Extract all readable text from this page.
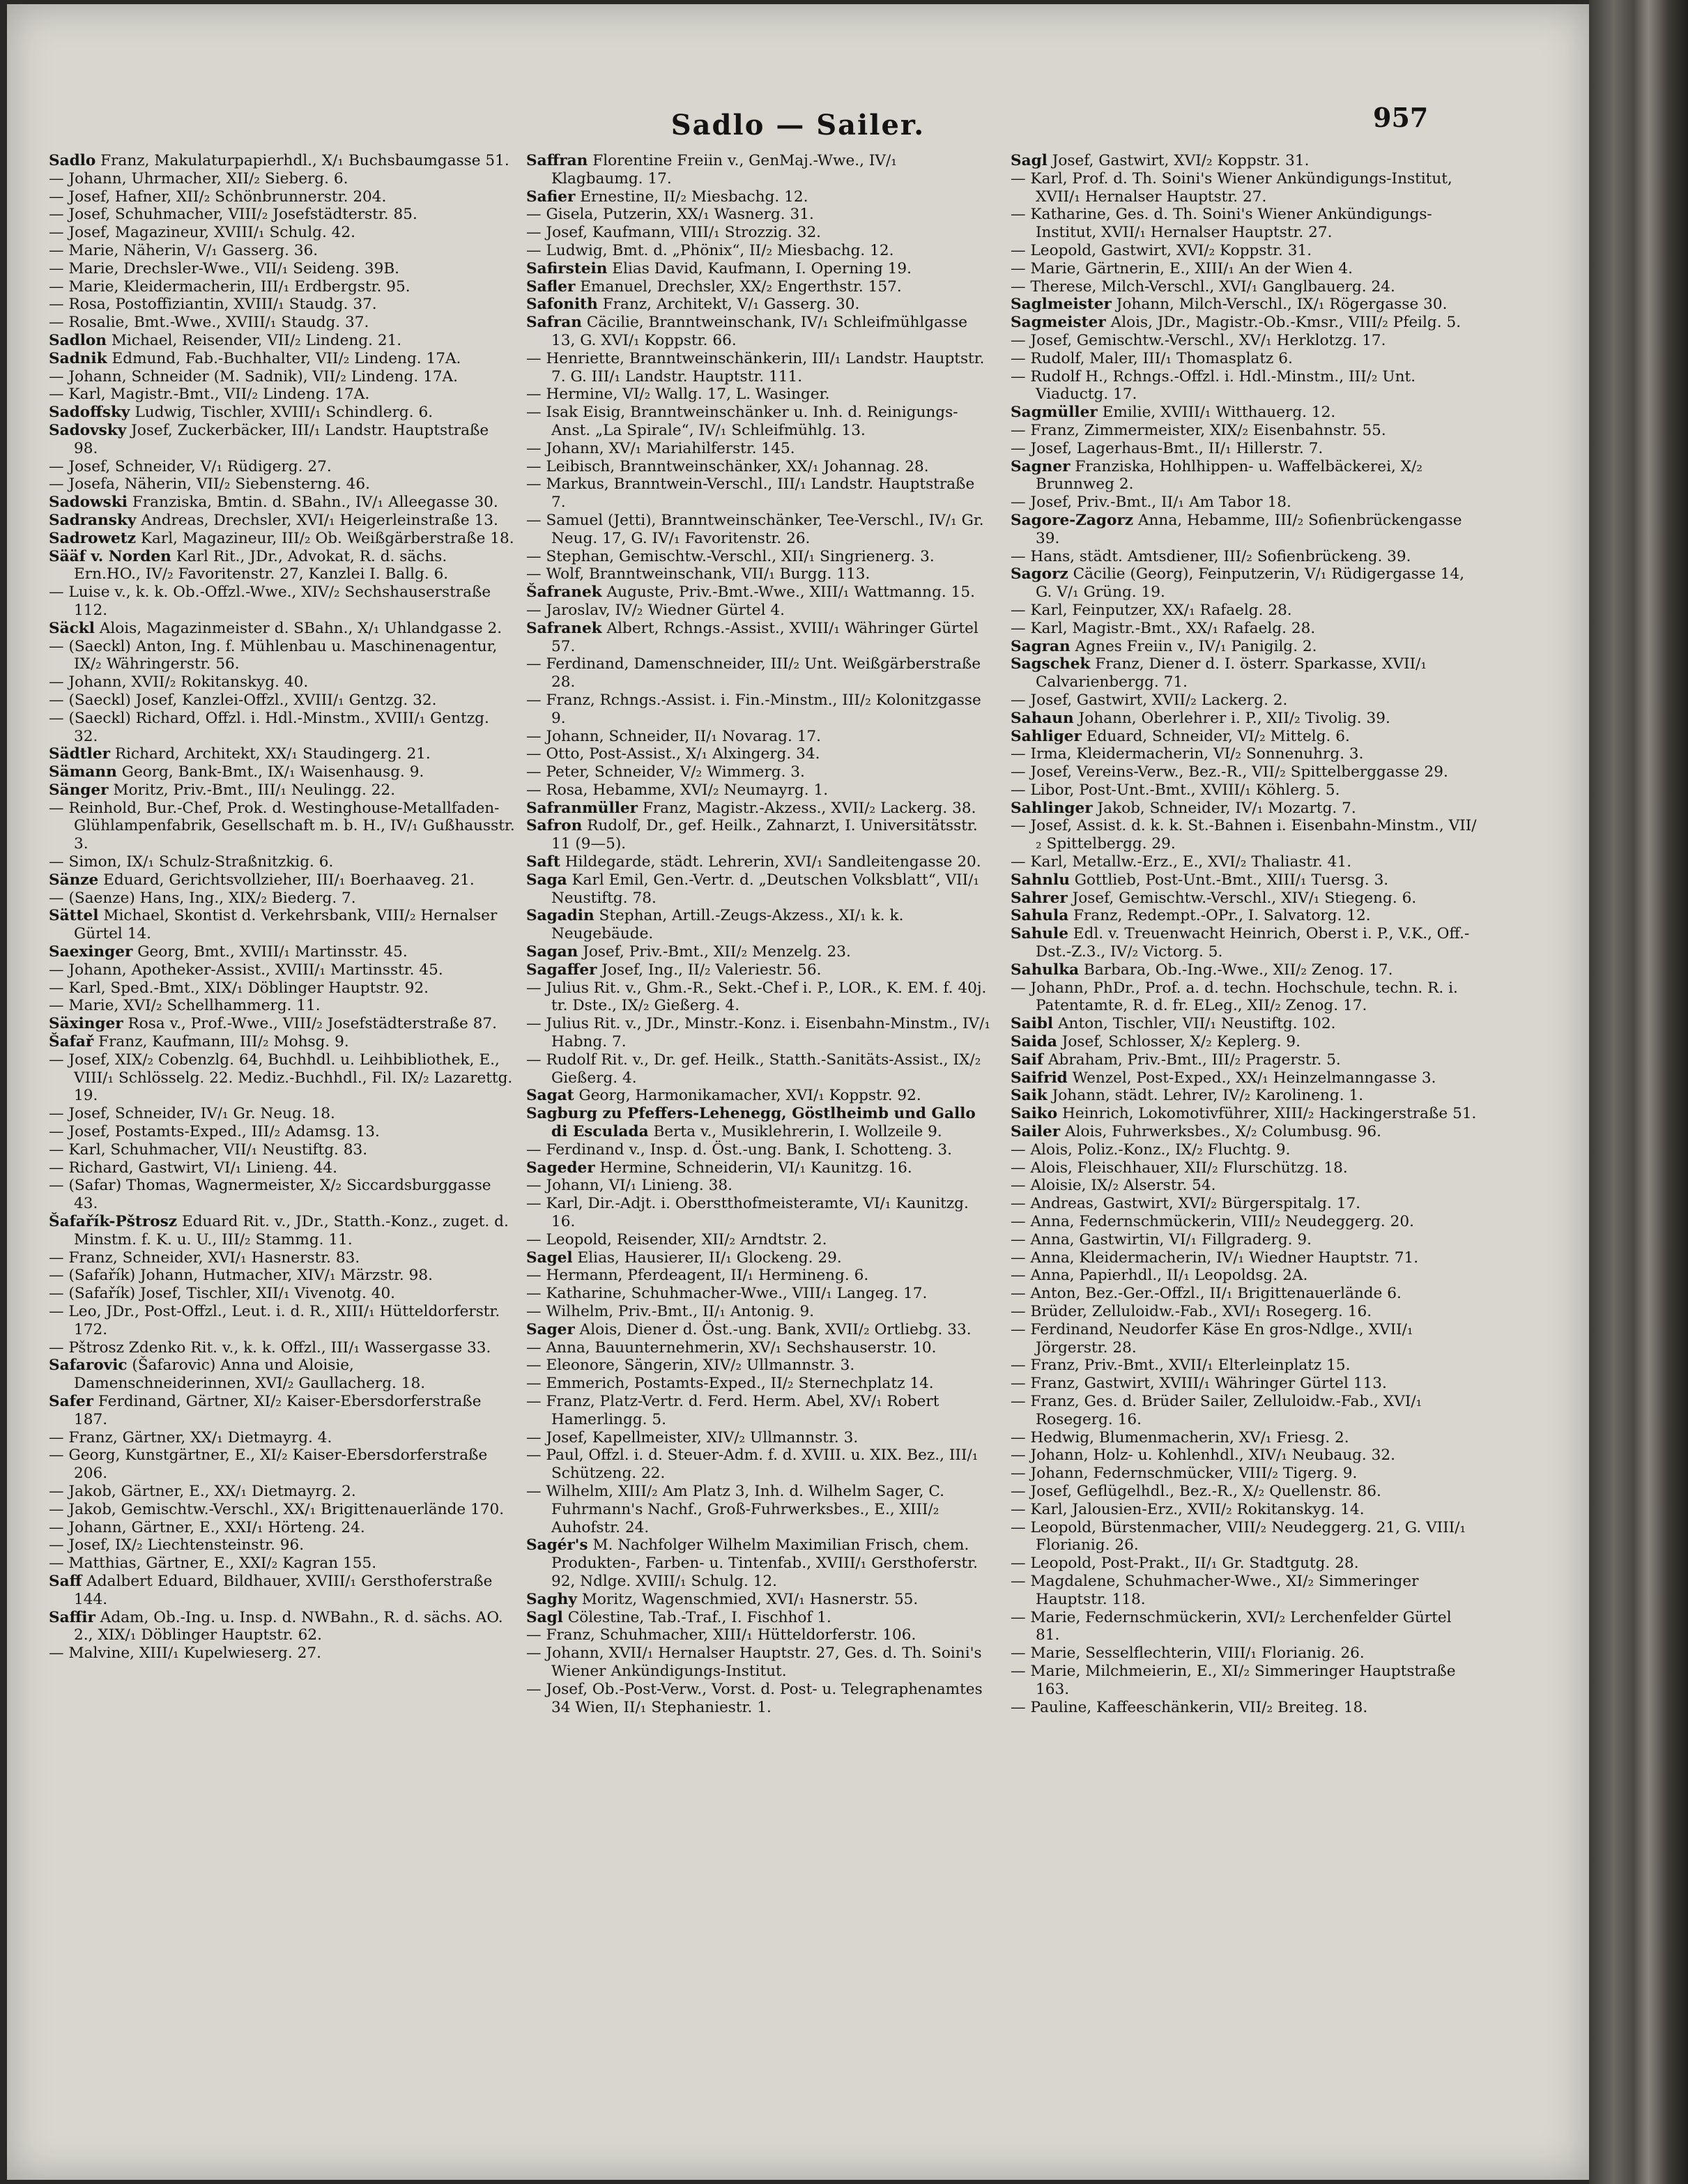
Sadlo — Sailer.	957

Sadlo Franz, Makulaturpapierhdl., X/₁ Buchsbaumgasse 51.

— Johann, Uhrmacher, XII/₂ Sieberg. 6.

— Josef, Hafner, XII/₂ Schönbrunnerstr. 204.

— Josef, Schuhmacher, VIII/₂ Josefstädterstr. 85.

— Josef, Magazineur, XVIII/₁ Schulg. 42.

— Marie, Näherin, V/₁ Gasserg. 36.

— Marie, Drechsler-Wwe., VII/₁ Seideng. 39B.

— Marie, Kleidermacherin, III/₁ Erdbergstr. 95.

— Rosa, Postoffiziantin, XVIII/₁ Staudg. 37.

— Rosalie, Bmt.-Wwe., XVIII/₁ Staudg. 37.

Sadlon Michael, Reisender, VII/₂ Lindeng. 21.

Sadnik Edmund, Fab.-Buchhalter, VII/₂ Lindeng. 17A.

— Johann, Schneider (M. Sadnik), VII/₂ Lindeng. 17A.

— Karl, Magistr.-Bmt., VII/₂ Lindeng. 17A.

Sadoffsky Ludwig, Tischler, XVIII/₁ Schindlerg. 6.

Sadovsky Josef, Zuckerbäcker, III/₁ Landstr. Hauptstraße 98.

— Josef, Schneider, V/₁ Rüdigerg. 27.

— Josefa, Näherin, VII/₂ Siebensterng. 46.

Sadowski Franziska, Bmtin. d. SBahn., IV/₁ Alleegasse 30.

Sadransky Andreas, Drechsler, XVI/₁ Heigerleinstraße 13.

Sadrowetz Karl, Magazineur, III/₂ Ob. Weißgärberstraße 18.

Sääf v. Norden Karl Rit., JDr., Advokat, R. d. sächs. Ern.HO., IV/₂ Favoritenstr. 27, Kanzlei I. Ballg. 6.

— Luise v., k. k. Ob.-Offzl.-Wwe., XIV/₂ Sechshauserstraße 112.

Säckl Alois, Magazinmeister d. SBahn., X/₁ Uhlandgasse 2.

— (Saeckl) Anton, Ing. f. Mühlenbau u. Maschinenagentur, IX/₂ Währingerstr. 56.

— Johann, XVII/₂ Rokitanskyg. 40.

— (Saeckl) Josef, Kanzlei-Offzl., XVIII/₁ Gentzg. 32.

— (Saeckl) Richard, Offzl. i. Hdl.-Minstm., XVIII/₁ Gentzg. 32.

Sädtler Richard, Architekt, XX/₁ Staudingerg. 21.

Sämann Georg, Bank-Bmt., IX/₁ Waisenhausg. 9.

Sänger Moritz, Priv.-Bmt., III/₁ Neulingg. 22.

— Reinhold, Bur.-Chef, Prok. d. Westinghouse-Metallfaden-Glühlampenfabrik, Gesellschaft m. b. H., IV/₁ Gußhausstr. 3.

— Simon, IX/₁ Schulz-Straßnitzkig. 6.

Sänze Eduard, Gerichtsvollzieher, III/₁ Boerhaaveg. 21.

— (Saenze) Hans, Ing., XIX/₂ Biederg. 7.

Sättel Michael, Skontist d. Verkehrsbank, VIII/₂ Hernalser Gürtel 14.

Saexinger Georg, Bmt., XVIII/₁ Martinsstr. 45.

— Johann, Apotheker-Assist., XVIII/₁ Martinsstr. 45.

— Karl, Sped.-Bmt., XIX/₁ Döblinger Hauptstr. 92.

— Marie, XVI/₂ Schellhammerg. 11.

Säxinger Rosa v., Prof.-Wwe., VIII/₂ Josefstädterstraße 87.

Šafař Franz, Kaufmann, III/₂ Mohsg. 9.

— Josef, XIX/₂ Cobenzlg. 64, Buchhdl. u. Leihbibliothek, E., VIII/₁ Schlösselg. 22. Mediz.-Buchhdl., Fil. IX/₂ Lazarettg. 19.

— Josef, Schneider, IV/₁ Gr. Neug. 18.

— Josef, Postamts-Exped., III/₂ Adamsg. 13.

— Karl, Schuhmacher, VII/₁ Neustiftg. 83.

— Richard, Gastwirt, VI/₁ Linieng. 44.

— (Safar) Thomas, Wagnermeister, X/₂ Siccardsburggasse 43.

Šafařík-Pštrosz Eduard Rit. v., JDr., Statth.-Konz., zuget. d. Minstm. f. K. u. U., III/₂ Stammg. 11.

— Franz, Schneider, XVI/₁ Hasnerstr. 83.

— (Safařík) Johann, Hutmacher, XIV/₁ Märzstr. 98.

— (Safařík) Josef, Tischler, XII/₁ Vivenotg. 40.

— Leo, JDr., Post-Offzl., Leut. i. d. R., XIII/₁ Hütteldorferstr. 172.

— Pštrosz Zdenko Rit. v., k. k. Offzl., III/₁ Wassergasse 33.

Safarovic (Šafarovic) Anna und Aloisie, Damenschneiderinnen, XVI/₂ Gaullacherg. 18.

Safer Ferdinand, Gärtner, XI/₂ Kaiser-Ebersdorferstraße 187.

— Franz, Gärtner, XX/₁ Dietmayrg. 4.

— Georg, Kunstgärtner, E., XI/₂ Kaiser-Ebersdorferstraße 206.

— Jakob, Gärtner, E., XX/₁ Dietmayrg. 2.

— Jakob, Gemischtw.-Verschl., XX/₁ Brigittenauerlände 170.

— Johann, Gärtner, E., XXI/₁ Hörteng. 24.

— Josef, IX/₂ Liechtensteinstr. 96.

— Matthias, Gärtner, E., XXI/₂ Kagran 155.

Saff Adalbert Eduard, Bildhauer, XVIII/₁ Gersthoferstraße 144.

Saffir Adam, Ob.-Ing. u. Insp. d. NWBahn., R. d. sächs. AO. 2., XIX/₁ Döblinger Hauptstr. 62.

— Malvine, XIII/₁ Kupelwieserg. 27.

Saffran Florentine Freiin v., GenMaj.-Wwe., IV/₁ Klagbaumg. 17.

Safier Ernestine, II/₂ Miesbachg. 12.

— Gisela, Putzerin, XX/₁ Wasnerg. 31.

— Josef, Kaufmann, VIII/₁ Strozzig. 32.

— Ludwig, Bmt. d. „Phönix“, II/₂ Miesbachg. 12.

Safirstein Elias David, Kaufmann, I. Operning 19.

Safler Emanuel, Drechsler, XX/₂ Engerthstr. 157.

Safonith Franz, Architekt, V/₁ Gasserg. 30.

Safran Cäcilie, Branntweinschank, IV/₁ Schleifmühlgasse 13, G. XVI/₁ Koppstr. 66.

— Henriette, Branntweinschänkerin, III/₁ Landstr. Hauptstr. 7. G. III/₁ Landstr. Hauptstr. 111.

— Hermine, VI/₂ Wallg. 17, L. Wasinger.

— Isak Eisig, Branntweinschänker u. Inh. d. Reinigungs-Anst. „La Spirale“, IV/₁ Schleifmühlg. 13.

— Johann, XV/₁ Mariahilferstr. 145.

— Leibisch, Branntweinschänker, XX/₁ Johannag. 28.

— Markus, Branntwein-Verschl., III/₁ Landstr. Hauptstraße 7.

— Samuel (Jetti), Branntweinschänker, Tee-Verschl., IV/₁ Gr. Neug. 17, G. IV/₁ Favoritenstr. 26.

— Stephan, Gemischtw.-Verschl., XII/₁ Singrienerg. 3.

— Wolf, Branntweinschank, VII/₁ Burgg. 113.

Šafranek Auguste, Priv.-Bmt.-Wwe., XIII/₁ Wattmanng. 15.

— Jaroslav, IV/₂ Wiedner Gürtel 4.

Safranek Albert, Rchngs.-Assist., XVIII/₁ Währinger Gürtel 57.

— Ferdinand, Damenschneider, III/₂ Unt. Weißgärberstraße 28.

— Franz, Rchngs.-Assist. i. Fin.-Minstm., III/₂ Kolonitzgasse 9.

— Johann, Schneider, II/₁ Novarag. 17.

— Otto, Post-Assist., X/₁ Alxingerg. 34.

— Peter, Schneider, V/₂ Wimmerg. 3.

— Rosa, Hebamme, XVI/₂ Neumayrg. 1.

Safranmüller Franz, Magistr.-Akzess., XVII/₂ Lackerg. 38.

Safron Rudolf, Dr., gef. Heilk., Zahnarzt, I. Universitätsstr. 11 (9—5).

Saft Hildegarde, städt. Lehrerin, XVI/₁ Sandleitengasse 20.

Saga Karl Emil, Gen.-Vertr. d. „Deutschen Volksblatt“, VII/₁ Neustiftg. 78.

Sagadin Stephan, Artill.-Zeugs-Akzess., XI/₁ k. k. Neugebäude.

Sagan Josef, Priv.-Bmt., XII/₂ Menzelg. 23.

Sagaffer Josef, Ing., II/₂ Valeriestr. 56.

— Julius Rit. v., Ghm.-R., Sekt.-Chef i. P., LOR., K. EM. f. 40j. tr. Dste., IX/₂ Gießerg. 4.

— Julius Rit. v., JDr., Minstr.-Konz. i. Eisenbahn-Minstm., IV/₁ Habng. 7.

— Rudolf Rit. v., Dr. gef. Heilk., Statth.-Sanitäts-Assist., IX/₂ Gießerg. 4.

Sagat Georg, Harmonikamacher, XVI/₁ Koppstr. 92.

Sagburg zu Pfeffers-Lehenegg, Göstlheimb und Gallo di Esculada Berta v., Musiklehrerin, I. Wollzeile 9.

— Ferdinand v., Insp. d. Öst.-ung. Bank, I. Schotteng. 3.

Sageder Hermine, Schneiderin, VI/₁ Kaunitzg. 16.

— Johann, VI/₁ Linieng. 38.

— Karl, Dir.-Adjt. i. Oberstthofmeisteramte, VI/₁ Kaunitzg. 16.

— Leopold, Reisender, XII/₂ Arndtstr. 2.

Sagel Elias, Hausierer, II/₁ Glockeng. 29.

— Hermann, Pferdeagent, II/₁ Hermineng. 6.

— Katharine, Schuhmacher-Wwe., VIII/₁ Langeg. 17.

— Wilhelm, Priv.-Bmt., II/₁ Antonig. 9.

Sager Alois, Diener d. Öst.-ung. Bank, XVII/₂ Ortliebg. 33.

— Anna, Bauunternehmerin, XV/₁ Sechshauserstr. 10.

— Eleonore, Sängerin, XIV/₂ Ullmannstr. 3.

— Emmerich, Postamts-Exped., II/₂ Sternechplatz 14.

— Franz, Platz-Vertr. d. Ferd. Herm. Abel, XV/₁ Robert Hamerlingg. 5.

— Josef, Kapellmeister, XIV/₂ Ullmannstr. 3.

— Paul, Offzl. i. d. Steuer-Adm. f. d. XVIII. u. XIX. Bez., III/₁ Schützeng. 22.

— Wilhelm, XIII/₂ Am Platz 3, Inh. d. Wilhelm Sager, C. Fuhrmann's Nachf., Groß-Fuhrwerksbes., E., XIII/₂ Auhofstr. 24.

Sagér's M. Nachfolger Wilhelm Maximilian Frisch, chem. Produkten-, Farben- u. Tintenfab., XVIII/₁ Gersthoferstr. 92, Ndlge. XVIII/₁ Schulg. 12.

Saghy Moritz, Wagenschmied, XVI/₁ Hasnerstr. 55.

Sagl Cölestine, Tab.-Traf., I. Fischhof 1.

— Franz, Schuhmacher, XIII/₁ Hütteldorferstr. 106.

— Johann, XVII/₁ Hernalser Hauptstr. 27, Ges. d. Th. Soini's Wiener Ankündigungs-Institut.

— Josef, Ob.-Post-Verw., Vorst. d. Post- u. Telegraphenamtes 34 Wien, II/₁ Stephaniestr. 1.

Sagl Josef, Gastwirt, XVI/₂ Koppstr. 31.

— Karl, Prof. d. Th. Soini's Wiener Ankündigungs-Institut, XVII/₁ Hernalser Hauptstr. 27.

— Katharine, Ges. d. Th. Soini's Wiener Ankündigungs-Institut, XVII/₁ Hernalser Hauptstr. 27.

— Leopold, Gastwirt, XVI/₂ Koppstr. 31.

— Marie, Gärtnerin, E., XIII/₁ An der Wien 4.

— Therese, Milch-Verschl., XVI/₁ Ganglbauerg. 24.

Saglmeister Johann, Milch-Verschl., IX/₁ Rögergasse 30.

Sagmeister Alois, JDr., Magistr.-Ob.-Kmsr., VIII/₂ Pfeilg. 5.

— Josef, Gemischtw.-Verschl., XV/₁ Herklotzg. 17.

— Rudolf, Maler, III/₁ Thomasplatz 6.

— Rudolf H., Rchngs.-Offzl. i. Hdl.-Minstm., III/₂ Unt. Viaductg. 17.

Sagmüller Emilie, XVIII/₁ Witthauerg. 12.

— Franz, Zimmermeister, XIX/₂ Eisenbahnstr. 55.

— Josef, Lagerhaus-Bmt., II/₁ Hillerstr. 7.

Sagner Franziska, Hohlhippen- u. Waffelbäckerei, X/₂ Brunnweg 2.

— Josef, Priv.-Bmt., II/₁ Am Tabor 18.

Sagore-Zagorz Anna, Hebamme, III/₂ Sofienbrückengasse 39.

— Hans, städt. Amtsdiener, III/₂ Sofienbrückeng. 39.

Sagorz Cäcilie (Georg), Feinputzerin, V/₁ Rüdigergasse 14, G. V/₁ Grüng. 19.

— Karl, Feinputzer, XX/₁ Rafaelg. 28.

— Karl, Magistr.-Bmt., XX/₁ Rafaelg. 28.

Sagran Agnes Freiin v., IV/₁ Panigilg. 2.

Sagschek Franz, Diener d. I. österr. Sparkasse, XVII/₁ Calvarienbergg. 71.

— Josef, Gastwirt, XVII/₂ Lackerg. 2.

Sahaun Johann, Oberlehrer i. P., XII/₂ Tivolig. 39.

Sahliger Eduard, Schneider, VI/₂ Mittelg. 6.

— Irma, Kleidermacherin, VI/₂ Sonnenuhrg. 3.

— Josef, Vereins-Verw., Bez.-R., VII/₂ Spittelberggasse 29.

— Libor, Post-Unt.-Bmt., XVIII/₁ Köhlerg. 5.

Sahlinger Jakob, Schneider, IV/₁ Mozartg. 7.

— Josef, Assist. d. k. k. St.-Bahnen i. Eisenbahn-Minstm., VII/₂ Spittelbergg. 29.

— Karl, Metallw.-Erz., E., XVI/₂ Thaliastr. 41.

Sahnlu Gottlieb, Post-Unt.-Bmt., XIII/₁ Tuersg. 3.

Sahrer Josef, Gemischtw.-Verschl., XIV/₁ Stiegeng. 6.

Sahula Franz, Redempt.-OPr., I. Salvatorg. 12.

Sahule Edl. v. Treuenwacht Heinrich, Oberst i. P., V.K., Off.-Dst.-Z.3., IV/₂ Victorg. 5.

Sahulka Barbara, Ob.-Ing.-Wwe., XII/₂ Zenog. 17.

— Johann, PhDr., Prof. a. d. techn. Hochschule, techn. R. i. Patentamte, R. d. fr. ELeg., XII/₂ Zenog. 17.

Saibl Anton, Tischler, VII/₁ Neustiftg. 102.

Saida Josef, Schlosser, X/₂ Keplerg. 9.

Saif Abraham, Priv.-Bmt., III/₂ Pragerstr. 5.

Saifrid Wenzel, Post-Exped., XX/₁ Heinzelmanngasse 3.

Saik Johann, städt. Lehrer, IV/₂ Karolineng. 1.

Saiko Heinrich, Lokomotivführer, XIII/₂ Hackingerstraße 51.

Sailer Alois, Fuhrwerksbes., X/₂ Columbusg. 96.

— Alois, Poliz.-Konz., IX/₂ Fluchtg. 9.

— Alois, Fleischhauer, XII/₂ Flurschützg. 18.

— Aloisie, IX/₂ Alserstr. 54.

— Andreas, Gastwirt, XVI/₂ Bürgerspitalg. 17.

— Anna, Federnschmückerin, VIII/₂ Neudeggerg. 20.

— Anna, Gastwirtin, VI/₁ Fillgraderg. 9.

— Anna, Kleidermacherin, IV/₁ Wiedner Hauptstr. 71.

— Anna, Papierhdl., II/₁ Leopoldsg. 2A.

— Anton, Bez.-Ger.-Offzl., II/₁ Brigittenauerlände 6.

— Brüder, Zelluloidw.-Fab., XVI/₁ Rosegerg. 16.

— Ferdinand, Neudorfer Käse En gros-Ndlge., XVII/₁ Jörgerstr. 28.

— Franz, Priv.-Bmt., XVII/₁ Elterleinplatz 15.

— Franz, Gastwirt, XVIII/₁ Währinger Gürtel 113.

— Franz, Ges. d. Brüder Sailer, Zelluloidw.-Fab., XVI/₁ Rosegerg. 16.

— Hedwig, Blumenmacherin, XV/₁ Friesg. 2.

— Johann, Holz- u. Kohlenhdl., XIV/₁ Neubaug. 32.

— Johann, Federnschmücker, VIII/₂ Tigerg. 9.

— Josef, Geflügelhdl., Bez.-R., X/₂ Quellenstr. 86.

— Karl, Jalousien-Erz., XVII/₂ Rokitanskyg. 14.

— Leopold, Bürstenmacher, VIII/₂ Neudeggerg. 21, G. VIII/₁ Florianig. 26.

— Leopold, Post-Prakt., II/₁ Gr. Stadtgutg. 28.

— Magdalene, Schuhmacher-Wwe., XI/₂ Simmeringer Hauptstr. 118.

— Marie, Federnschmückerin, XVI/₂ Lerchenfelder Gürtel 81.

— Marie, Sesselflechterin, VIII/₁ Florianig. 26.

— Marie, Milchmeierin, E., XI/₂ Simmeringer Hauptstraße 163.

— Pauline, Kaffeeschänkerin, VII/₂ Breiteg. 18.
